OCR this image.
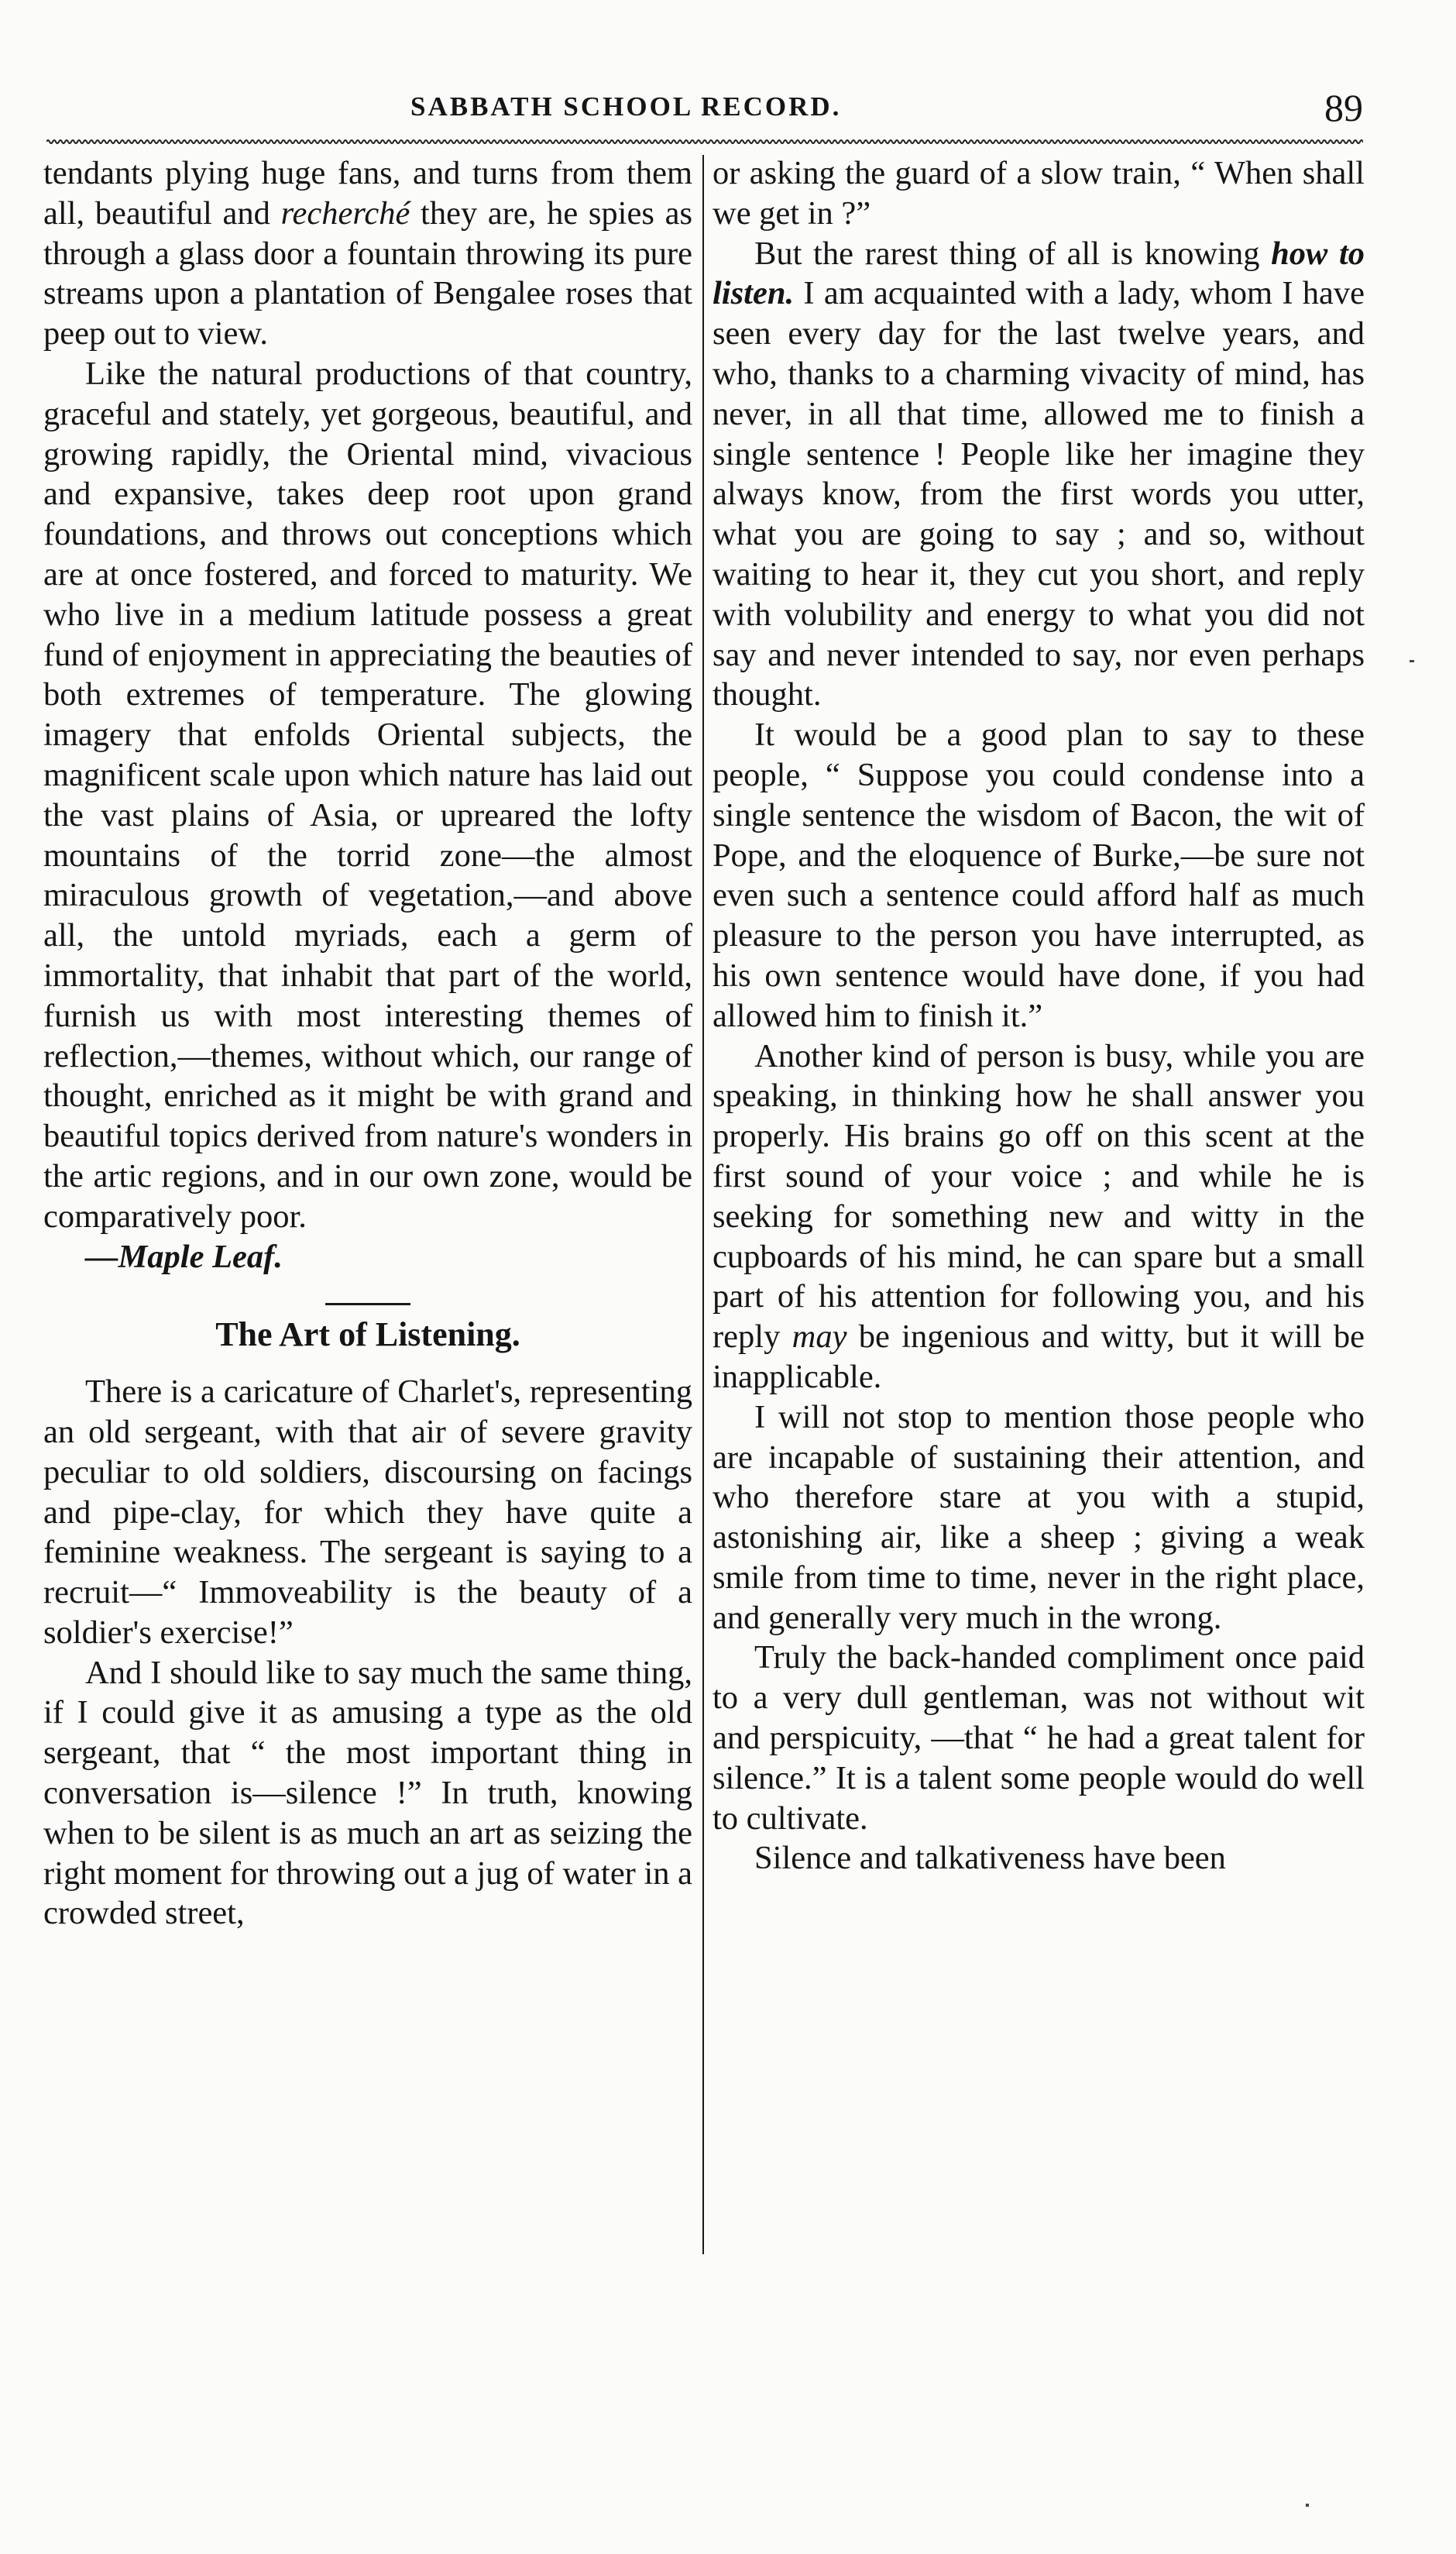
SABBATH SCHOOL RECORD.	89

tendants plying huge fans, and turns from them all, beautiful and recherché they are, he spies as through a glass door a fountain throwing its pure streams upon a plantation of Bengalee roses that peep out to view.

Like the natural productions of that country, graceful and stately, yet gorgeous, beautiful, and growing rapidly, the Oriental mind, vivacious and expansive, takes deep root upon grand foundations, and throws out conceptions which are at once fostered, and forced to maturity. We who live in a medium latitude possess a great fund of enjoyment in appreciating the beauties of both extremes of temperature. The glowing imagery that enfolds Oriental subjects, the magnificent scale upon which nature has laid out the vast plains of Asia, or upreared the lofty mountains of the torrid zone—the almost miraculous growth of vegetation,—and above all, the untold myriads, each a germ of immortality, that inhabit that part of the world, furnish us with most interesting themes of reflection,—themes, without which, our range of thought, enriched as it might be with grand and beautiful topics derived from nature's wonders in the artic regions, and in our own zone, would be comparatively poor.

—Maple Leaf.

The Art of Listening.

There is a caricature of Charlet's, representing an old sergeant, with that air of severe gravity peculiar to old soldiers, discoursing on facings and pipe-clay, for which they have quite a feminine weakness. The sergeant is saying to a recruit—“ Immoveability is the beauty of a soldier's exercise!”

And I should like to say much the same thing, if I could give it as amusing a type as the old sergeant, that “ the most important thing in conversation is—silence !” In truth, knowing when to be silent is as much an art as seizing the right moment for throwing out a jug of water in a crowded street,

or asking the guard of a slow train, “ When shall we get in ?”

But the rarest thing of all is knowing how to listen. I am acquainted with a lady, whom I have seen every day for the last twelve years, and who, thanks to a charming vivacity of mind, has never, in all that time, allowed me to finish a single sentence ! People like her imagine they always know, from the first words you utter, what you are going to say ; and so, without waiting to hear it, they cut you short, and reply with volubility and energy to what you did not say and never intended to say, nor even perhaps thought.

It would be a good plan to say to these people, “ Suppose you could condense into a single sentence the wisdom of Bacon, the wit of Pope, and the eloquence of Burke,—be sure not even such a sentence could afford half as much pleasure to the person you have interrupted, as his own sentence would have done, if you had allowed him to finish it.”

Another kind of person is busy, while you are speaking, in thinking how he shall answer you properly. His brains go off on this scent at the first sound of your voice ; and while he is seeking for something new and witty in the cupboards of his mind, he can spare but a small part of his attention for following you, and his reply may be ingenious and witty, but it will be inapplicable.

I will not stop to mention those people who are incapable of sustaining their attention, and who therefore stare at you with a stupid, astonishing air, like a sheep ; giving a weak smile from time to time, never in the right place, and generally very much in the wrong.

Truly the back-handed compliment once paid to a very dull gentleman, was not without wit and perspicuity, —that “ he had a great talent for silence.” It is a talent some people would do well to cultivate.

Silence and talkativeness have been
